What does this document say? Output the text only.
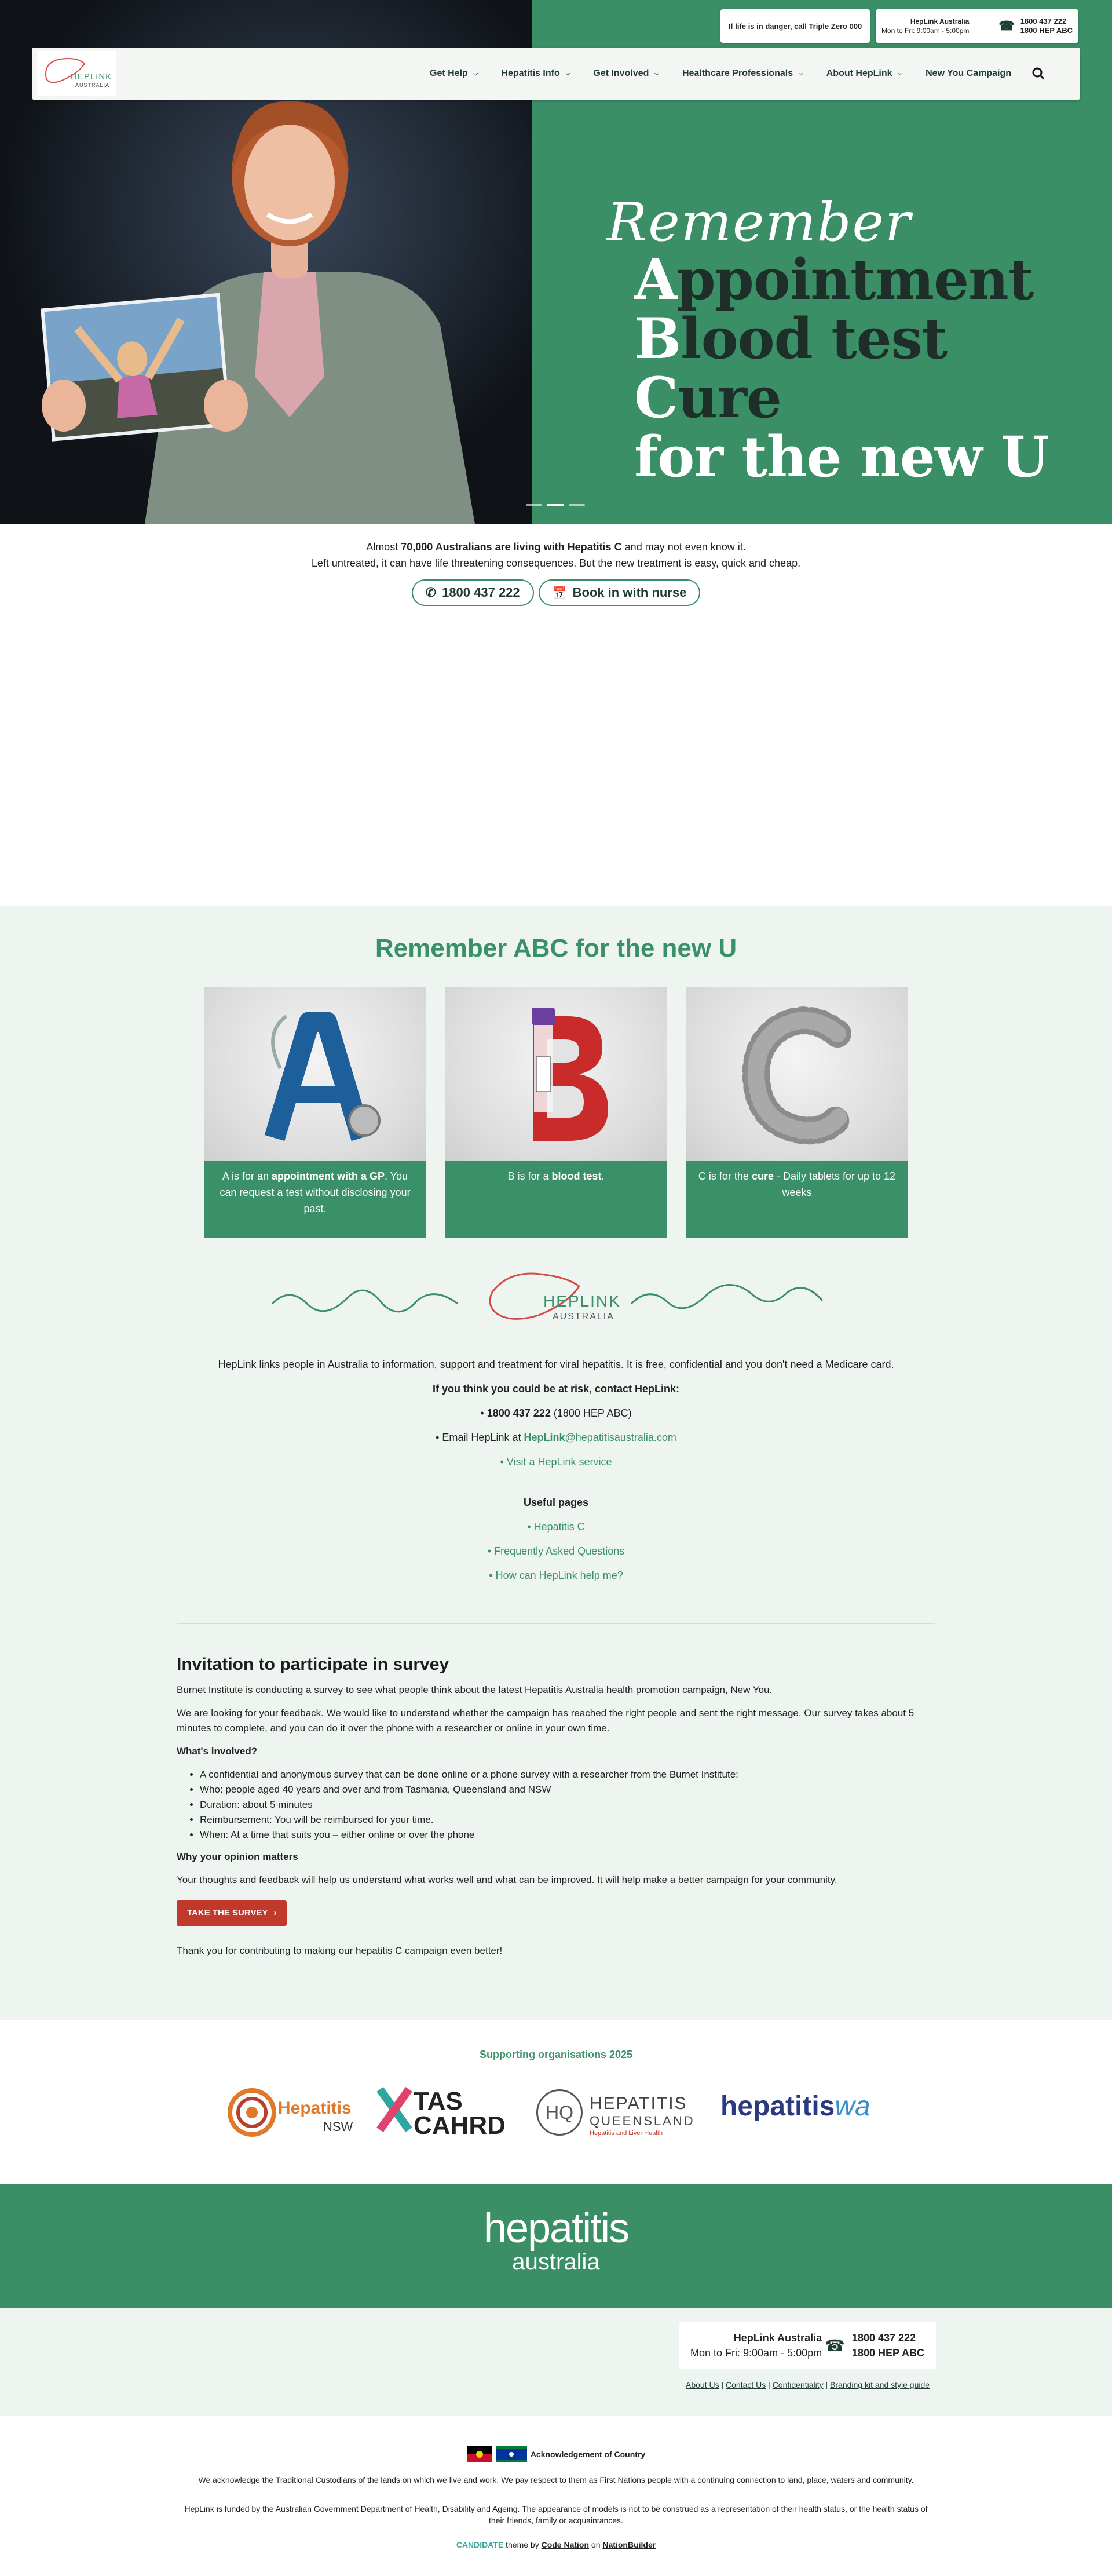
If life is in danger, call Triple Zero 000
HepLink Australia
Mon to Fri: 9:00am - 5:00pm ☎ 1800 437 222
1800 HEP ABC
HEPLINK
AUSTRALIA
Get Help ⌵	Hepatitis Info ⌵	Get Involved ⌵	Healthcare Professionals ⌵	About HepLink ⌵	New You Campaign
Remember
Appointment
Blood test
Cure
for the new U

Almost 70,000 Australians are living with Hepatitis C and may not even know it.

Left untreated, it can have life threatening consequences. But the new treatment is easy, quick and cheap.

✆ 1800 437 222	📅 Book in with nurse
Remember ABC for the new U
A is for an appointment with a GP. You can request a test without disclosing your past.
B is for a blood test.	C is for the cure - Daily tablets for up to 12 weeks
HEPLINK
AUSTRALIA
HepLink links people in Australia to information, support and treatment for viral hepatitis. It is free, confidential and you don't need a Medicare card.
If you think you could be at risk, contact HepLink:
• 1800 437 222 (1800 HEP ABC)
• Email HepLink at HepLink@hepatitisaustralia.com
• Visit a HepLink service
Useful pages
• Hepatitis C
• Frequently Asked Questions
• How can HepLink help me?
Invitation to participate in survey

Burnet Institute is conducting a survey to see what people think about the latest Hepatitis Australia health promotion campaign, New You.

We are looking for your feedback. We would like to understand whether the campaign has reached the right people and sent the right message. Our survey takes about 5 minutes to complete, and you can do it over the phone with a researcher or online in your own time.

What's involved?

• A confidential and anonymous survey that can be done online or a phone survey with a researcher from the Burnet Institute:
• Who: people aged 40 years and over and from Tasmania, Queensland and NSW
• Duration: about 5 minutes
• Reimbursement: You will be reimbursed for your time.
• When: At a time that suits you – either online or over the phone

Why your opinion matters

Your thoughts and feedback will help us understand what works well and what can be improved. It will help make a better campaign for your community.

TAKE THE SURVEY ›

Thank you for contributing to making our hepatitis C campaign even better!

Supporting organisations 2025
Hepatitis
NSW
TAS
CAHRD	HQ HEPATITIS
QUEENSLAND
Hepatitis and Liver Health
hepatitiswa
hepatitis
australia
HepLink Australia
Mon to Fri: 9:00am - 5:00pm ☎ 1800 437 222
1800 HEP ABC
About Us | Contact Us | Confidentiality | Branding kit and style guide
Acknowledgement of Country

We acknowledge the Traditional Custodians of the lands on which we live and work. We pay respect to them as First Nations people with a continuing connection to land, place, waters and community.

HepLink is funded by the Australian Government Department of Health, Disability and Ageing. The appearance of models is not to be construed as a representation of their health status, or the health status of their friends, family or acquaintances.

CANDIDATE theme by Code Nation on NationBuilder
